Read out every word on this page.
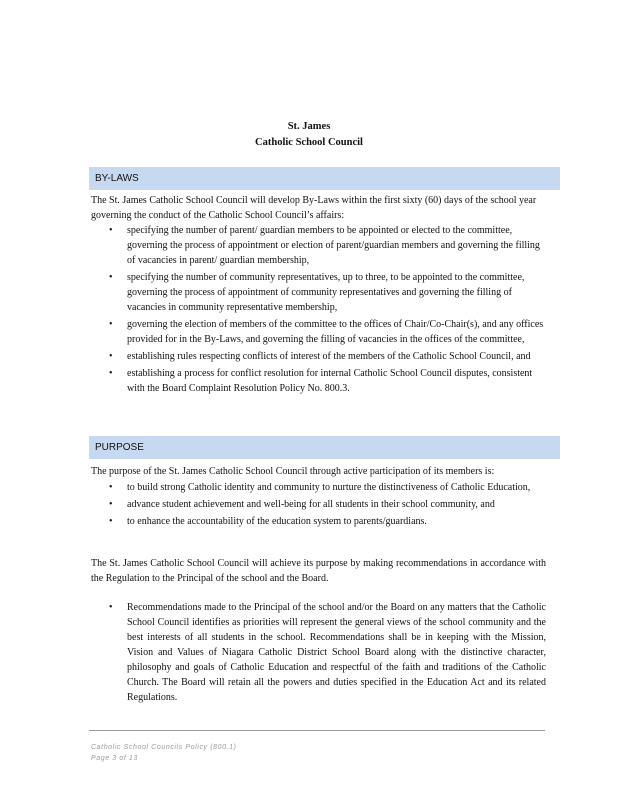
St. James
Catholic School Council
BY-LAWS

The St. James Catholic School Council will develop By-Laws within the first sixty (60) days of the school year governing the conduct of the Catholic School Council’s affairs:

• specifying the number of parent/ guardian members to be appointed or elected to the committee, governing the process of appointment or election of parent/guardian members and governing the filling of vacancies in parent/ guardian membership,
• specifying the number of community representatives, up to three, to be appointed to the committee, governing the process of appointment of community representatives and governing the filling of vacancies in community representative membership,
• governing the election of members of the committee to the offices of Chair/Co-Chair(s), and any offices provided for in the By-Laws, and governing the filling of vacancies in the offices of the committee,
• establishing rules respecting conflicts of interest of the members of the Catholic School Council, and
• establishing a process for conflict resolution for internal Catholic School Council disputes, consistent with the Board Complaint Resolution Policy No. 800.3.
PURPOSE

The purpose of the St. James Catholic School Council through active participation of its members is:

• to build strong Catholic identity and community to nurture the distinctiveness of Catholic Education,
• advance student achievement and well-being for all students in their school community, and
• to enhance the accountability of the education system to parents/guardians.

The St. James Catholic School Council will achieve its purpose by making recommendations in accordance with the Regulation to the Principal of the school and the Board.

• Recommendations made to the Principal of the school and/or the Board on any matters that the Catholic School Council identifies as priorities will represent the general views of the school community and the best interests of all students in the school. Recommendations shall be in keeping with the Mission, Vision and Values of Niagara Catholic District School Board along with the distinctive character, philosophy and goals of Catholic Education and respectful of the faith and traditions of the Catholic Church. The Board will retain all the powers and duties specified in the Education Act and its related Regulations.
Catholic School Councils Policy (800.1)
Page 3 of 13
